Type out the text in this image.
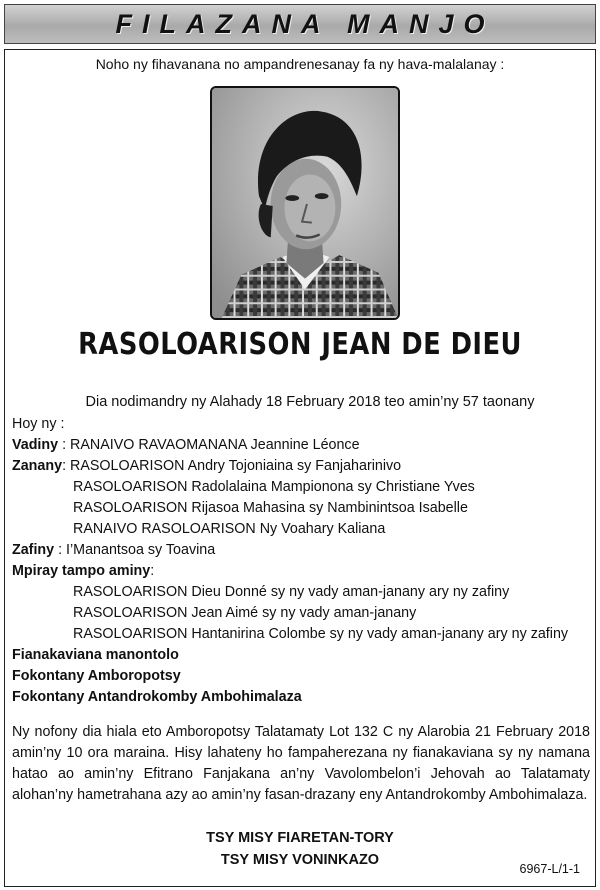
FILAZANA MANJO
Noho ny fihavanana no ampandrenesanay fa ny hava-malalanay :
RASOLOARISON JEAN DE DIEU
Dia nodimandry ny Alahady 18 February 2018 teo amin’ny 57 taonany
Hoy ny :
Vadiny : RANAIVO RAVAOMANANA Jeannine Léonce
Zanany: RASOLOARISON Andry Tojoniaina sy Fanjaharinivo
RASOLOARISON Radolalaina Mampionona sy Christiane Yves
RASOLOARISON Rijasoa Mahasina sy Nambinintsoa Isabelle
RANAIVO RASOLOARISON Ny Voahary Kaliana
Zafiny : I’Manantsoa sy Toavina
Mpiray tampo aminy:
RASOLOARISON Dieu Donné sy ny vady aman-janany ary ny zafiny
RASOLOARISON Jean Aimé sy ny vady aman-janany
RASOLOARISON Hantanirina Colombe sy ny vady aman-janany ary ny zafiny
Fianakaviana manontolo
Fokontany Amboropotsy
Fokontany Antandrokomby Ambohimalaza
Ny nofony dia hiala eto Amboropotsy Talatamaty Lot 132 C ny Alarobia 21 February 2018 amin’ny 10 ora maraina. Hisy lahateny ho fampaherezana ny fianakaviana sy ny namana hatao ao amin’ny Efitrano Fanjakana an’ny Vavolombelon’i Jehovah ao Talatamaty alohan’ny hametrahana azy ao amin’ny fasan-drazany eny Antandrokomby Ambohimalaza.
TSY MISY FIARETAN-TORY
TSY MISY VONINKAZO
6967-L/1-1
